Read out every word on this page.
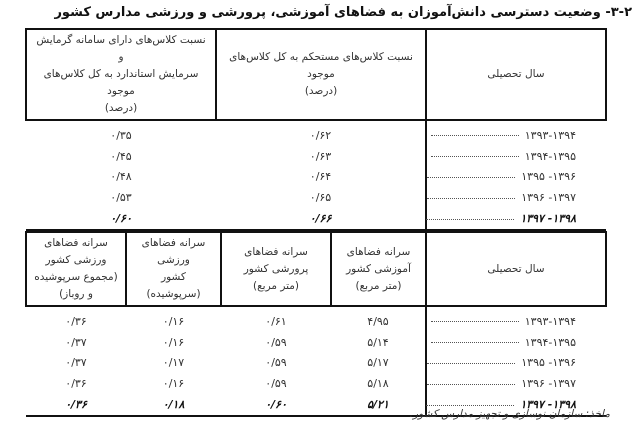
۳-۲- وضعیت دسترسی دانش‌آموزان به فضاهای آموزشی، پرورشی و ورزشی مدارس کشور
سال تحصیلی	
نسبت کلاس‌های مستحکم به کل کلاس‌های موجود
(درصد)

نسبت کلاس‌های دارای سامانه گرمایش و
سرمایش استاندارد به کل کلاس‌های موجود
(درصد)

۱۳۹۳-۱۳۹۴	۰/۶۲	۰/۳۵
۱۳۹۴-۱۳۹۵	۰/۶۳	۰/۴۵
۱۳۹۶- ۱۳۹۵	۰/۶۴	۰/۴۸
۱۳۹۷- ۱۳۹۶	۰/۶۵	۰/۵۳
۱۳۹۸- ۱۳۹۷	۰/۶۶	۰/۶۰
سال تحصیلی	
سرانه فضاهای
آموزشی کشور
(متر مربع)

سرانه فضاهای
پرورشی کشور
(متر مربع)

سرانه فضاهای ورزشی
کشور (سرپوشیده)

سرانه فضاهای ورزشی کشور
(مجموع سرپوشیده و روباز)

۱۳۹۳-۱۳۹۴	۴/۹۵	۰/۶۱	۰/۱۶	۰/۳۶
۱۳۹۴-۱۳۹۵	۵/۱۴	۰/۵۹	۰/۱۶	۰/۳۷
۱۳۹۶- ۱۳۹۵	۵/۱۷	۰/۵۹	۰/۱۷	۰/۳۷
۱۳۹۷- ۱۳۹۶	۵/۱۸	۰/۵۹	۰/۱۶	۰/۳۶
۱۳۹۸- ۱۳۹۷	۵/۲۱	۰/۶۰	۰/۱۸	۰/۳۶
ماخذ: سازمان نوسازی و تجهیز مدارس کشور.
